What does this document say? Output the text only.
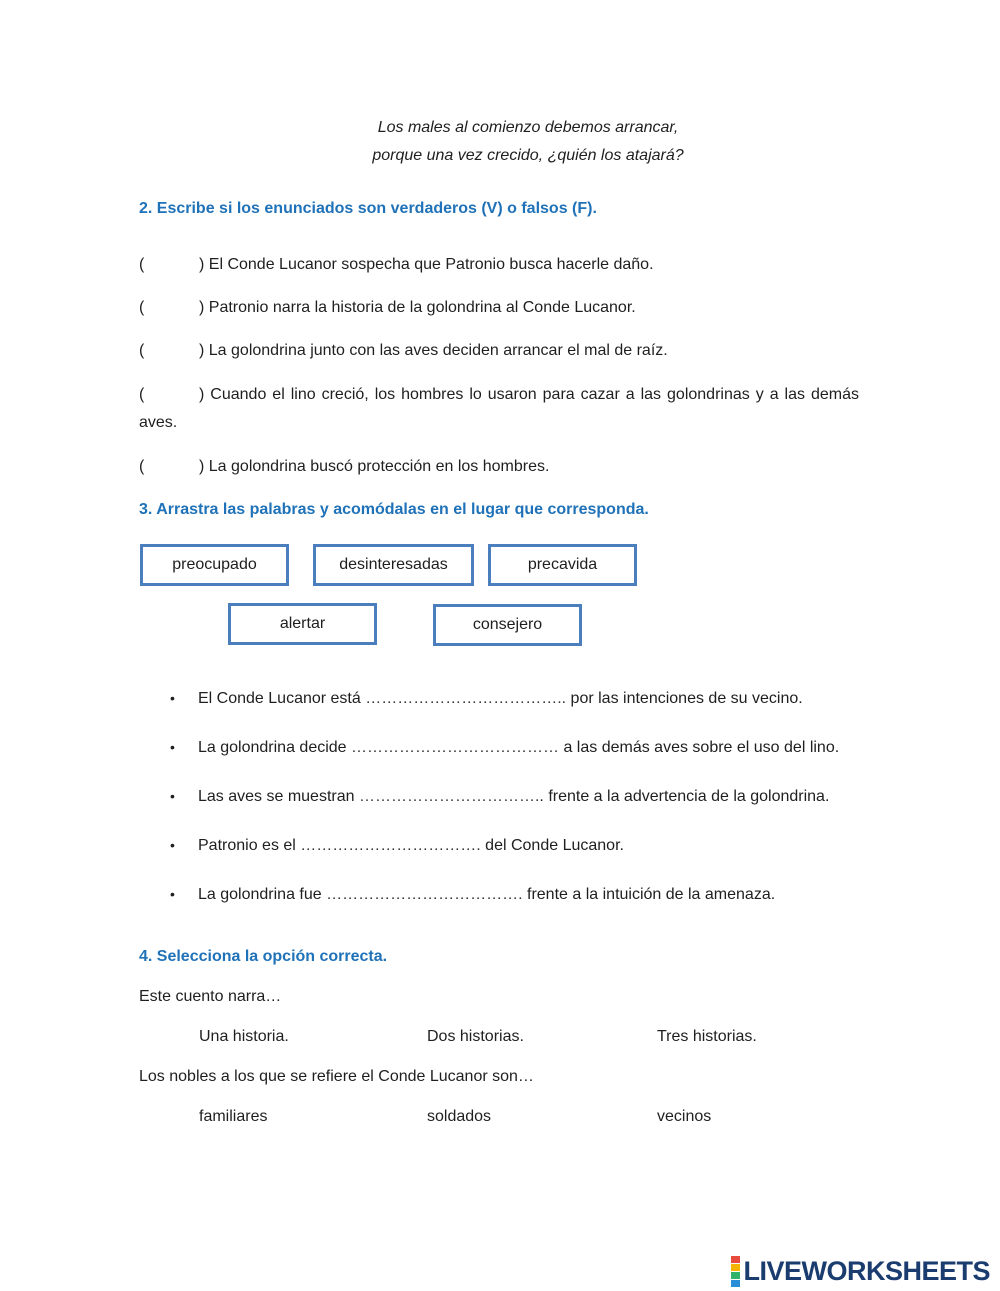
Los males al comienzo debemos arrancar,
porque una vez crecido, ¿quién los atajará?
2. Escribe si los enunciados son verdaderos (V) o falsos (F).
(	) El Conde Lucanor sospecha que Patronio busca hacerle daño.
(	) Patronio narra la historia de la golondrina al Conde Lucanor.
(	) La golondrina junto con las aves deciden arrancar el mal de raíz.
(	) Cuando el lino creció, los hombres lo usaron para cazar a las golondrinas y a las demás aves.
(	) La golondrina buscó protección en los hombres.
3. Arrastra las palabras y acomódalas en el lugar que corresponda.
preocupado	desinteresadas	precavida
alertar	consejero
• El Conde Lucanor está ……………………………….. por las intenciones de su vecino.
• La golondrina decide ………………………………… a las demás aves sobre el uso del lino.
• Las aves se muestran …………………………….. frente a la advertencia de la golondrina.
• Patronio es el ……………………………. del Conde Lucanor.
• La golondrina fue ………………………………. frente a la intuición de la amenaza.
4. Selecciona la opción correcta.
Este cuento narra…
Una historia.	Dos historias.	Tres historias.
Los nobles a los que se refiere el Conde Lucanor son…
familiares	soldados	vecinos
LIVEWORKSHEETS
